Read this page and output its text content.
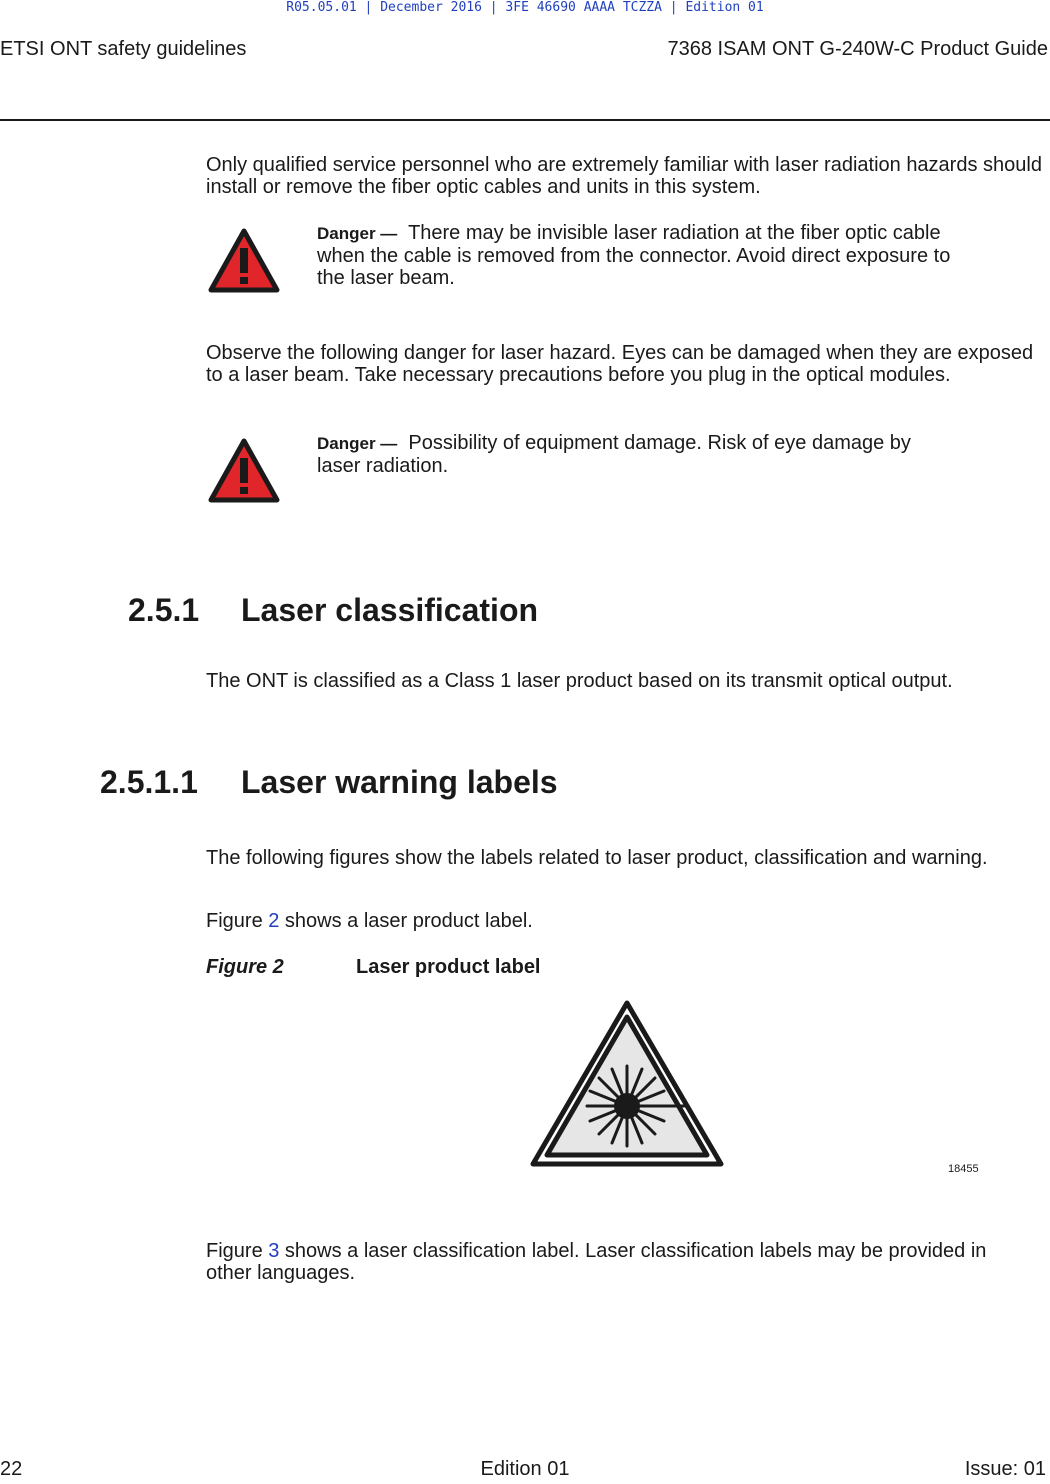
R05.05.01 | December 2016 | 3FE 46690 AAAA TCZZA | Edition 01
ETSI ONT safety guidelines	7368 ISAM ONT G-240W-C Product Guide
Only qualified service personnel who are extremely familiar with laser radiation hazards should install or remove the fiber optic cables and units in this system.
Danger — There may be invisible laser radiation at the fiber optic cable when the cable is removed from the connector. Avoid direct exposure to the laser beam.
Observe the following danger for laser hazard. Eyes can be damaged when they are exposed to a laser beam. Take necessary precautions before you plug in the optical modules.
Danger — Possibility of equipment damage. Risk of eye damage by laser radiation.
2.5.1 Laser classification
The ONT is classified as a Class 1 laser product based on its transmit optical output.
2.5.1.1 Laser warning labels
The following figures show the labels related to laser product, classification and warning.
Figure 2 shows a laser product label.
Figure 2	Laser product label
18455
Figure 3 shows a laser classification label. Laser classification labels may be provided in other languages.
22	Edition 01	Issue: 01
